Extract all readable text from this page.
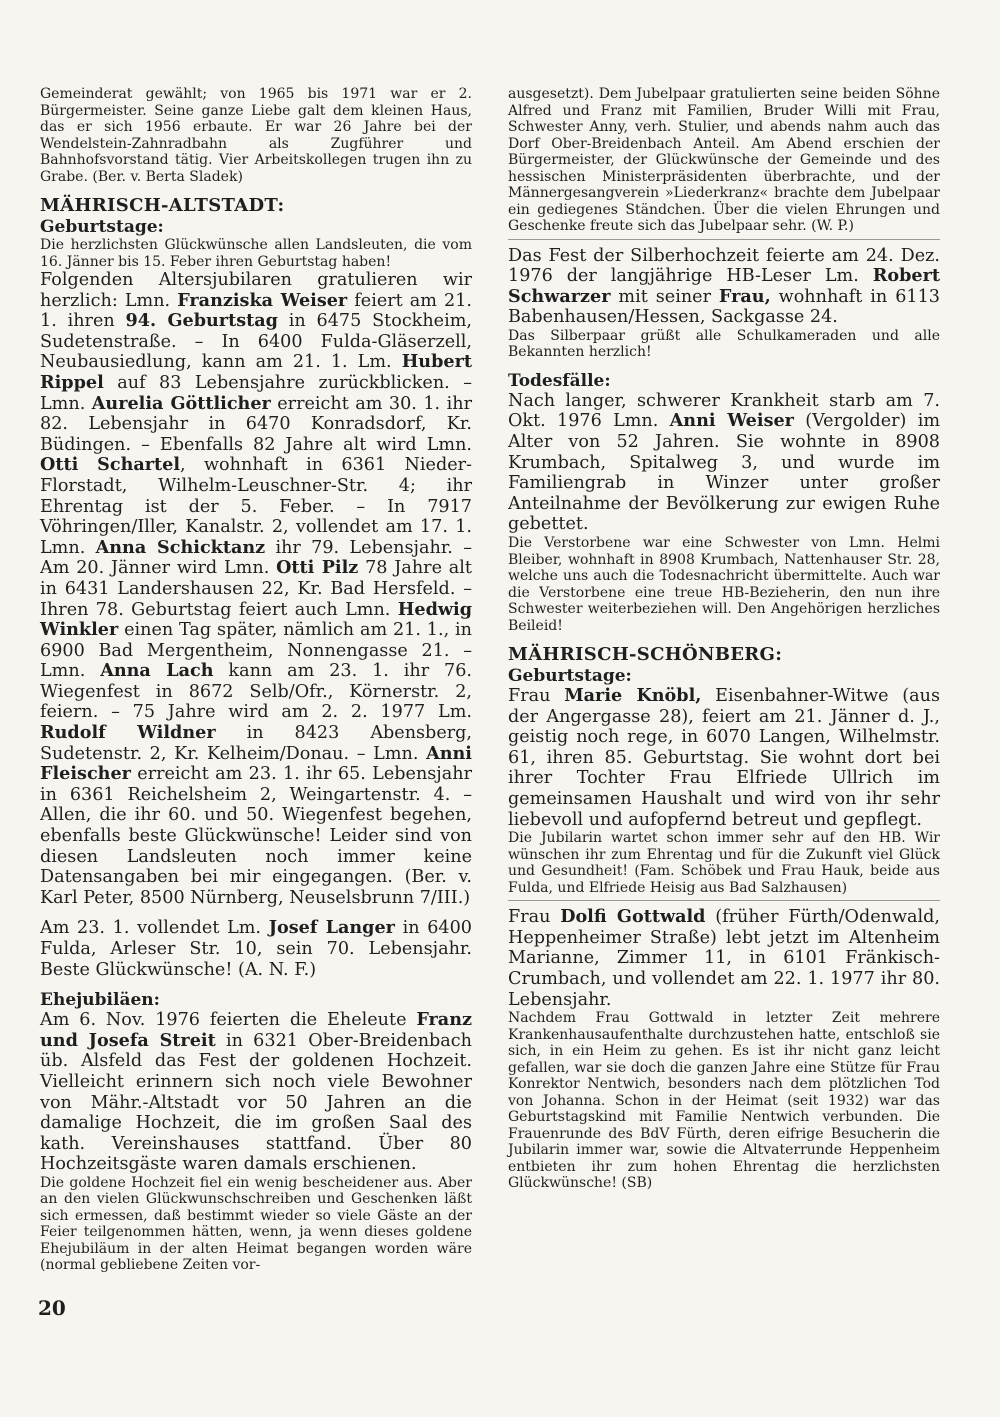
Gemeinderat gewählt; von 1965 bis 1971 war er 2. Bürgermeister. Seine ganze Liebe galt dem kleinen Haus, das er sich 1956 erbaute. Er war 26 Jahre bei der Wendelstein-Zahnradbahn als Zugführer und Bahnhofsvorstand tätig. Vier Arbeitskollegen trugen ihn zu Grabe. (Ber. v. Berta Sladek)

MÄHRISCH-ALTSTADT:
Geburtstage:

Die herzlichsten Glückwünsche allen Landsleuten, die vom 16. Jänner bis 15. Feber ihren Geburtstag haben!

Folgenden Altersjubilaren gratulieren wir herzlich: Lmn. Franziska Weiser feiert am 21. 1. ihren 94. Geburtstag in 6475 Stockheim, Sudetenstraße. – In 6400 Fulda-Gläserzell, Neubausiedlung, kann am 21. 1. Lm. Hubert Rippel auf 83 Lebensjahre zurückblicken. – Lmn. Aurelia Göttlicher erreicht am 30. 1. ihr 82. Lebensjahr in 6470 Konradsdorf, Kr. Büdingen. – Ebenfalls 82 Jahre alt wird Lmn. Otti Schartel, wohnhaft in 6361 Nieder-Florstadt, Wilhelm-Leuschner-Str. 4; ihr Ehrentag ist der 5. Feber. – In 7917 Vöhringen/Iller, Kanalstr. 2, vollendet am 17. 1. Lmn. Anna Schicktanz ihr 79. Lebensjahr. – Am 20. Jänner wird Lmn. Otti Pilz 78 Jahre alt in 6431 Landershausen 22, Kr. Bad Hersfeld. – Ihren 78. Geburtstag feiert auch Lmn. Hedwig Winkler einen Tag später, nämlich am 21. 1., in 6900 Bad Mergentheim, Nonnengasse 21. – Lmn. Anna Lach kann am 23. 1. ihr 76. Wiegenfest in 8672 Selb/Ofr., Körnerstr. 2, feiern. – 75 Jahre wird am 2. 2. 1977 Lm. Rudolf Wildner in 8423 Abensberg, Sudetenstr. 2, Kr. Kelheim/Donau. – Lmn. Anni Fleischer erreicht am 23. 1. ihr 65. Lebensjahr in 6361 Reichelsheim 2, Weingartenstr. 4. – Allen, die ihr 60. und 50. Wiegenfest begehen, ebenfalls beste Glückwünsche! Leider sind von diesen Landsleuten noch immer keine Datensangaben bei mir eingegangen. (Ber. v. Karl Peter, 8500 Nürnberg, Neuselsbrunn 7/III.)

Am 23. 1. vollendet Lm. Josef Langer in 6400 Fulda, Arleser Str. 10, sein 70. Lebensjahr. Beste Glückwünsche! (A. N. F.)

Ehejubiläen:

Am 6. Nov. 1976 feierten die Eheleute Franz und Josefa Streit in 6321 Ober-Breidenbach üb. Alsfeld das Fest der goldenen Hochzeit. Vielleicht erinnern sich noch viele Bewohner von Mähr.-Altstadt vor 50 Jahren an die damalige Hochzeit, die im großen Saal des kath. Vereinshauses stattfand. Über 80 Hochzeitsgäste waren damals erschienen.

Die goldene Hochzeit fiel ein wenig bescheidener aus. Aber an den vielen Glückwunschschreiben und Geschenken läßt sich ermessen, daß bestimmt wieder so viele Gäste an der Feier teilgenommen hätten, wenn, ja wenn dieses goldene Ehejubiläum in der alten Heimat begangen worden wäre (normal gebliebene Zeiten vor-

ausgesetzt). Dem Jubelpaar gratulierten seine beiden Söhne Alfred und Franz mit Familien, Bruder Willi mit Frau, Schwester Anny, verh. Stulier, und abends nahm auch das Dorf Ober-Breidenbach Anteil. Am Abend erschien der Bürgermeister, der Glückwünsche der Gemeinde und des hessischen Ministerpräsidenten überbrachte, und der Männergesangverein »Liederkranz« brachte dem Jubelpaar ein gediegenes Ständchen. Über die vielen Ehrungen und Geschenke freute sich das Jubelpaar sehr. (W. P.)

Das Fest der Silberhochzeit feierte am 24. Dez. 1976 der langjährige HB-Leser Lm. Robert Schwarzer mit seiner Frau, wohnhaft in 6113 Babenhausen/Hessen, Sackgasse 24.

Das Silberpaar grüßt alle Schulkameraden und alle Bekannten herzlich!

Todesfälle:

Nach langer, schwerer Krankheit starb am 7. Okt. 1976 Lmn. Anni Weiser (Vergolder) im Alter von 52 Jahren. Sie wohnte in 8908 Krumbach, Spitalweg 3, und wurde im Familiengrab in Winzer unter großer Anteilnahme der Bevölkerung zur ewigen Ruhe gebettet.

Die Verstorbene war eine Schwester von Lmn. Helmi Bleiber, wohnhaft in 8908 Krumbach, Nattenhauser Str. 28, welche uns auch die Todesnachricht übermittelte. Auch war die Verstorbene eine treue HB-Bezieherin, den nun ihre Schwester weiterbeziehen will. Den Angehörigen herzliches Beileid!

MÄHRISCH-SCHÖNBERG:
Geburtstage:

Frau Marie Knöbl, Eisenbahner-Witwe (aus der Angergasse 28), feiert am 21. Jänner d. J., geistig noch rege, in 6070 Langen, Wilhelmstr. 61, ihren 85. Geburtstag. Sie wohnt dort bei ihrer Tochter Frau Elfriede Ullrich im gemeinsamen Haushalt und wird von ihr sehr liebevoll und aufopfernd betreut und gepflegt.

Die Jubilarin wartet schon immer sehr auf den HB. Wir wünschen ihr zum Ehrentag und für die Zukunft viel Glück und Gesundheit! (Fam. Schöbek und Frau Hauk, beide aus Fulda, und Elfriede Heisig aus Bad Salzhausen)

Frau Dolfi Gottwald (früher Fürth/Odenwald, Heppenheimer Straße) lebt jetzt im Altenheim Marianne, Zimmer 11, in 6101 Fränkisch-Crumbach, und vollendet am 22. 1. 1977 ihr 80. Lebensjahr.

Nachdem Frau Gottwald in letzter Zeit mehrere Krankenhausaufenthalte durchzustehen hatte, entschloß sie sich, in ein Heim zu gehen. Es ist ihr nicht ganz leicht gefallen, war sie doch die ganzen Jahre eine Stütze für Frau Konrektor Nentwich, besonders nach dem plötzlichen Tod von Johanna. Schon in der Heimat (seit 1932) war das Geburtstagskind mit Familie Nentwich verbunden. Die Frauenrunde des BdV Fürth, deren eifrige Besucherin die Jubilarin immer war, sowie die Altvaterrunde Heppenheim entbieten ihr zum hohen Ehrentag die herzlichsten Glückwünsche! (SB)

20
